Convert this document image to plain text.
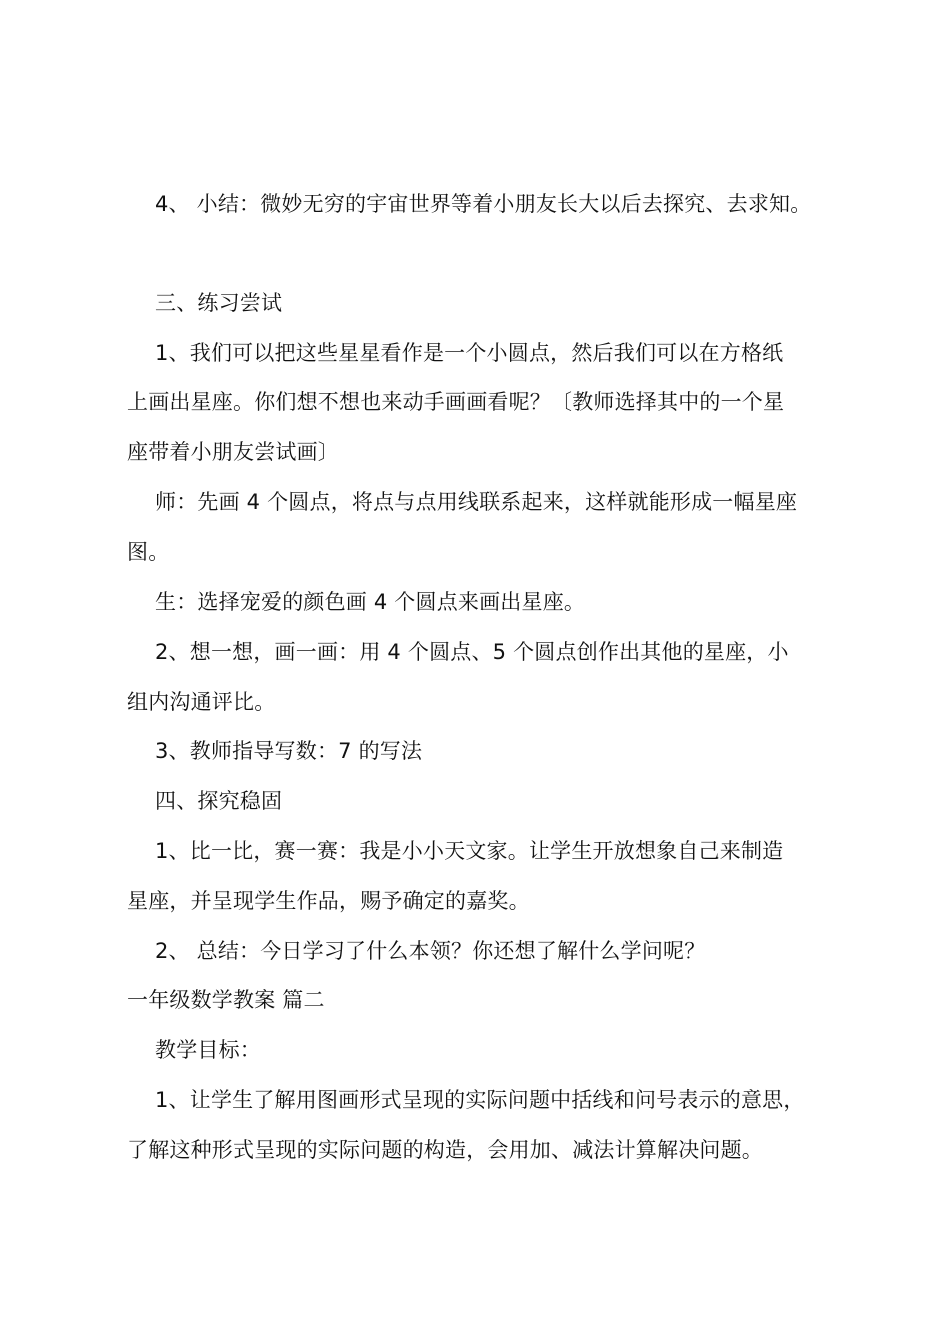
4、 小结：微妙无穷的宇宙世界等着小朋友长大以后去探究、去求知。
三、练习尝试
1、我们可以把这些星星看作是一个小圆点，然后我们可以在方格纸
上画出星座。你们想不想也来动手画画看呢？〔教师选择其中的一个星
座带着小朋友尝试画〕
师：先画 4 个圆点，将点与点用线联系起来，这样就能形成一幅星座
图。
生：选择宠爱的颜色画 4 个圆点来画出星座。
2、想一想，画一画：用 4 个圆点、5 个圆点创作出其他的星座，小
组内沟通评比。
3、教师指导写数：7 的写法
四、探究稳固
1、比一比，赛一赛：我是小小天文家。让学生开放想象自己来制造
星座，并呈现学生作品，赐予确定的嘉奖。
2、 总结：今日学习了什么本领？你还想了解什么学问呢？
一年级数学教案 篇二
教学目标：
1、让学生了解用图画形式呈现的实际问题中括线和问号表示的意思，
了解这种形式呈现的实际问题的构造，会用加、减法计算解决问题。
